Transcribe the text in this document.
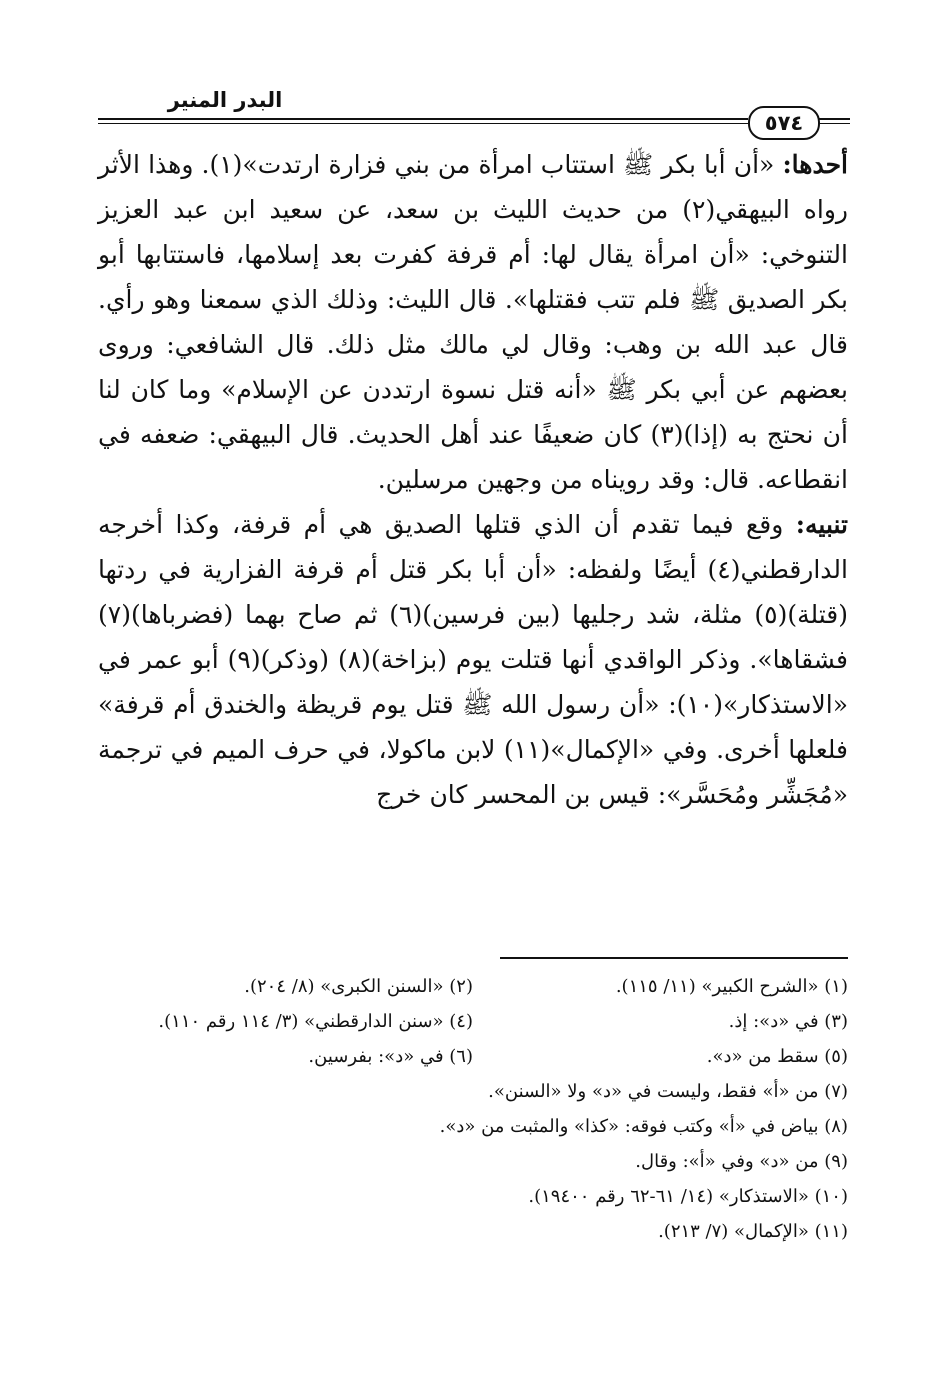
البدر المنير
٥٧٤

أحدها: «أن أبا بكر ﷺ استتاب امرأة من بني فزارة ارتدت»(١). وهذا الأثر رواه البيهقي(٢) من حديث الليث بن سعد، عن سعيد ابن عبد العزيز التنوخي: «أن امرأة يقال لها: أم قرفة كفرت بعد إسلامها، فاستتابها أبو بكر الصديق ﷺ فلم تتب فقتلها». قال الليث: وذلك الذي سمعنا وهو رأي. قال عبد الله بن وهب: وقال لي مالك مثل ذلك. قال الشافعي: وروى بعضهم عن أبي بكر ﷺ «أنه قتل نسوة ارتددن عن الإسلام» وما كان لنا أن نحتج به (إذا)(٣) كان ضعيفًا عند أهل الحديث. قال البيهقي: ضعفه في انقطاعه. قال: وقد رويناه من وجهين مرسلين.

تنبيه: وقع فيما تقدم أن الذي قتلها الصديق هي أم قرفة، وكذا أخرجه الدارقطني(٤) أيضًا ولفظه: «أن أبا بكر قتل أم قرفة الفزارية في ردتها (قتلة)(٥) مثلة، شد رجليها (بين فرسين)(٦) ثم صاح بهما (فضرباها)(٧) فشقاها». وذكر الواقدي أنها قتلت يوم (بزاخة)(٨) (وذكر)(٩) أبو عمر في «الاستذكار»(١٠): «أن رسول الله ﷺ قتل يوم قريظة والخندق أم قرفة» فلعلها أخرى. وفي «الإكمال»(١١) لابن ماكولا، في حرف الميم في ترجمة «مُجَشِّر ومُحَسَّر»: قيس بن المحسر كان خرج

(١) «الشرح الكبير» (١١/ ١١٥).
(٢) «السنن الكبرى» (٨/ ٢٠٤).
(٣) في «د»: إذ.
(٤) «سنن الدارقطني» (٣/ ١١٤ رقم ١١٠).
(٥) سقط من «د».
(٦) في «د»: بفرسين.
(٧) من «أ» فقط، وليست في «د» ولا «السنن».
(٨) بياض في «أ» وكتب فوقه: «كذا» والمثبت من «د».
(٩) من «د» وفي «أ»: وقال.
(١٠) «الاستذكار» (١٤/ ٦١-٦٢ رقم ١٩٤٠٠).
(١١) «الإكمال» (٧/ ٢١٣).
